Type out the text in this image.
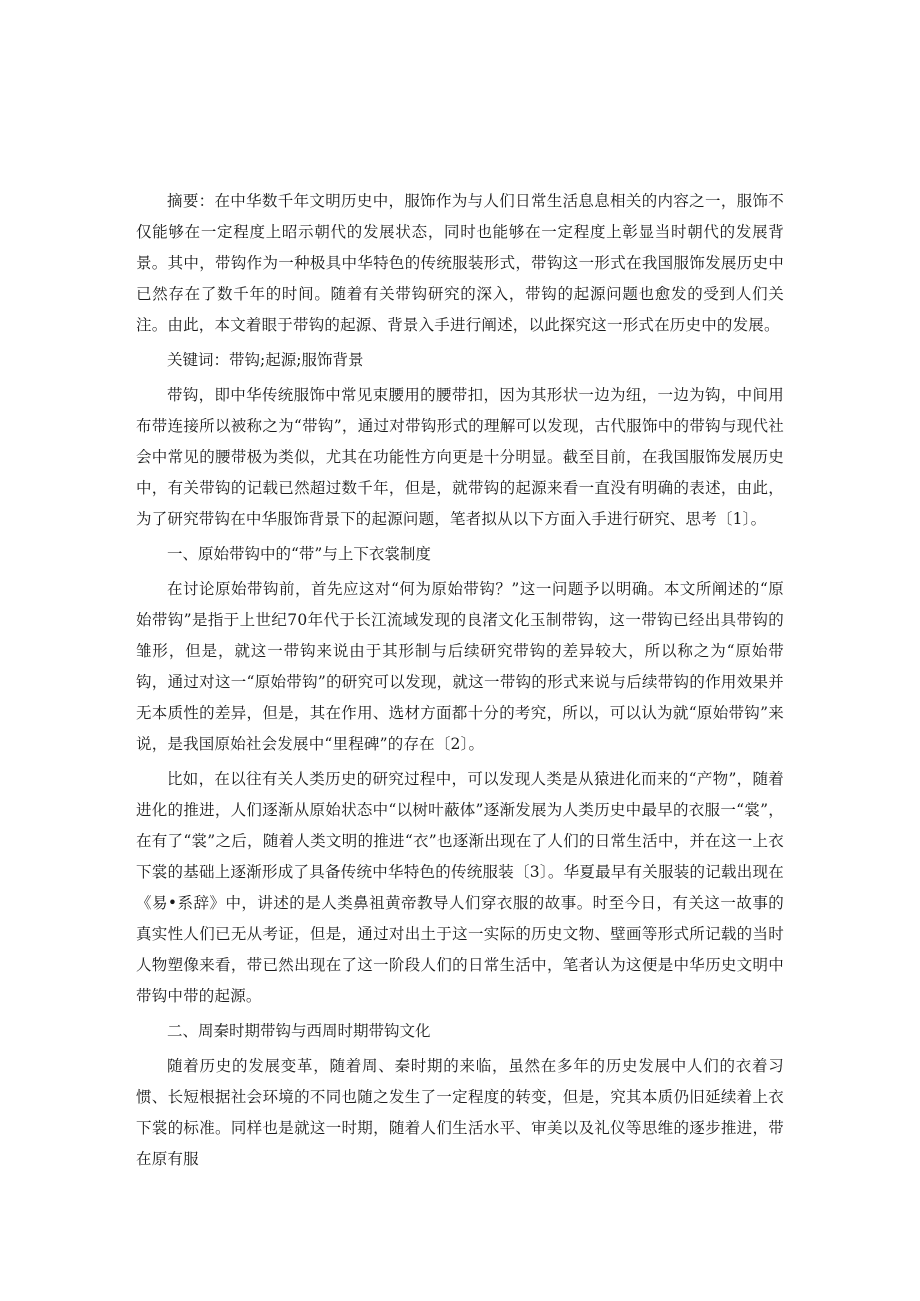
摘要：在中华数千年文明历史中，服饰作为与人们日常生活息息相关的内容之一，服饰不仅能够在一定程度上昭示朝代的发展状态，同时也能够在一定程度上彰显当时朝代的发展背景。其中，带钩作为一种极具中华特色的传统服装形式，带钩这一形式在我国服饰发展历史中已然存在了数千年的时间。随着有关带钩研究的深入，带钩的起源问题也愈发的受到人们关注。由此，本文着眼于带钩的起源、背景入手进行阐述，以此探究这一形式在历史中的发展。

关键词：带钩;起源;服饰背景

带钩，即中华传统服饰中常见束腰用的腰带扣，因为其形状一边为纽，一边为钩，中间用布带连接所以被称之为“带钩”，通过对带钩形式的理解可以发现，古代服饰中的带钩与现代社会中常见的腰带极为类似，尤其在功能性方向更是十分明显。截至目前，在我国服饰发展历史中，有关带钩的记载已然超过数千年，但是，就带钩的起源来看一直没有明确的表述，由此，为了研究带钩在中华服饰背景下的起源问题，笔者拟从以下方面入手进行研究、思考〔1〕。

一、原始带钩中的“带”与上下衣裳制度

在讨论原始带钩前，首先应这对“何为原始带钩？”这一问题予以明确。本文所阐述的“原始带钩”是指于上世纪70年代于长江流域发现的良渚文化玉制带钩，这一带钩已经出具带钩的雏形，但是，就这一带钩来说由于其形制与后续研究带钩的差异较大，所以称之为“原始带钩，通过对这一“原始带钩”的研究可以发现，就这一带钩的形式来说与后续带钩的作用效果并无本质性的差异，但是，其在作用、选材方面都十分的考究，所以，可以认为就“原始带钩”来说，是我国原始社会发展中“里程碑”的存在〔2〕。

比如，在以往有关人类历史的研究过程中，可以发现人类是从猿进化而来的“产物”，随着进化的推进，人们逐渐从原始状态中“以树叶蔽体”逐渐发展为人类历史中最早的衣服一“裳”，在有了“裳”之后，随着人类文明的推进“衣”也逐渐出现在了人们的日常生活中，并在这一上衣下裳的基础上逐渐形成了具备传统中华特色的传统服装〔3〕。华夏最早有关服装的记载出现在《易•系辞》中，讲述的是人类鼻祖黄帝教导人们穿衣服的故事。时至今日，有关这一故事的真实性人们已无从考证，但是，通过对出土于这一实际的历史文物、壁画等形式所记载的当时人物塑像来看，带已然出现在了这一阶段人们的日常生活中，笔者认为这便是中华历史文明中带钩中带的起源。

二、周秦时期带钩与西周时期带钩文化

随着历史的发展变革，随着周、秦时期的来临，虽然在多年的历史发展中人们的衣着习惯、长短根据社会环境的不同也随之发生了一定程度的转变，但是，究其本质仍旧延续着上衣下裳的标准。同样也是就这一时期，随着人们生活水平、审美以及礼仪等思维的逐步推进，带在原有服
